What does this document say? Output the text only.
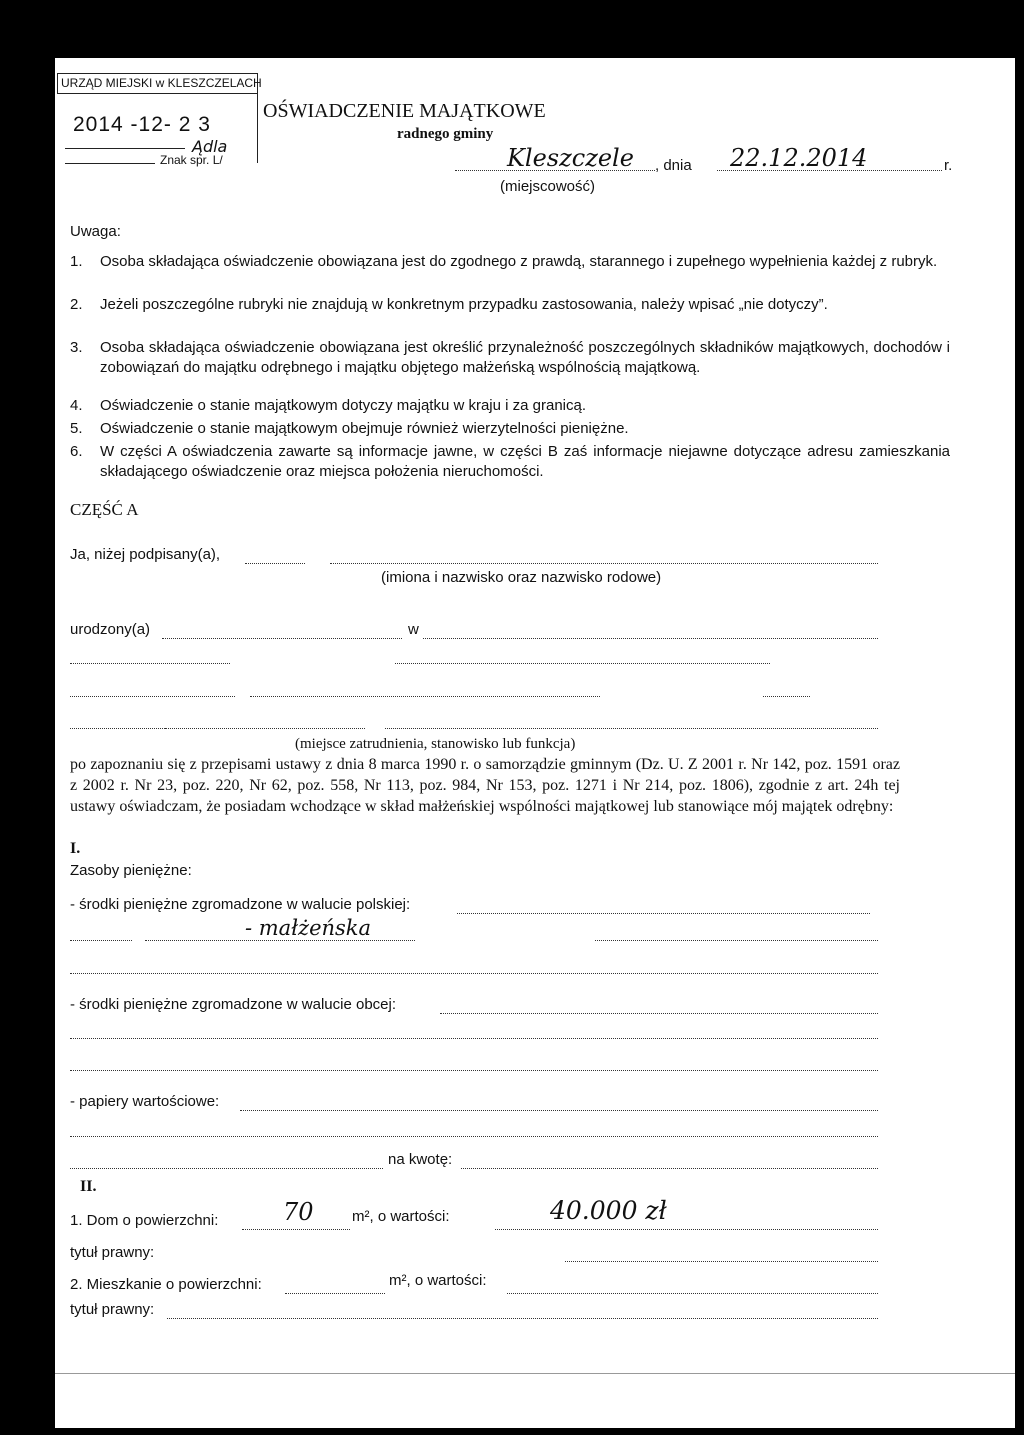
URZĄD MIEJSKI w KLESZCZELACH
2014 -12- 2 3
Ądla
Znak spr. L/
OŚWIADCZENIE MAJĄTKOWE
radnego gminy
Kleszczele , dnia 22.12.2014	r.
(miejscowość)
Uwaga:
1. Osoba składająca oświadczenie obowiązana jest do zgodnego z prawdą, starannego i zupełnego wypełnienia każdej z rubryk.
2. Jeżeli poszczególne rubryki nie znajdują w konkretnym przypadku zastosowania, należy wpisać „nie dotyczy”.
3. Osoba składająca oświadczenie obowiązana jest określić przynależność poszczególnych składników majątkowych, dochodów i zobowiązań do majątku odrębnego i majątku objętego małżeńską wspólnością majątkową.
4. Oświadczenie o stanie majątkowym dotyczy majątku w kraju i za granicą.
5. Oświadczenie o stanie majątkowym obejmuje również wierzytelności pieniężne.
6. W części A oświadczenia zawarte są informacje jawne, w części B zaś informacje niejawne dotyczące adresu zamieszkania składającego oświadczenie oraz miejsca położenia nieruchomości.
CZĘŚĆ A
Ja, niżej podpisany(a),
(imiona i nazwisko oraz nazwisko rodowe)
urodzony(a)	w
(miejsce zatrudnienia, stanowisko lub funkcja)
po zapoznaniu się z przepisami ustawy z dnia 8 marca 1990 r. o samorządzie gminnym (Dz. U. Z 2001 r. Nr 142, poz. 1591 oraz z 2002 r. Nr 23, poz. 220, Nr 62, poz. 558, Nr 113, poz. 984, Nr 153, poz. 1271 i Nr 214, poz. 1806), zgodnie z art. 24h tej ustawy oświadczam, że posiadam wchodzące w skład małżeńskiej wspólności majątkowej lub stanowiące mój majątek odrębny:
I.
Zasoby pieniężne:
- środki pieniężne zgromadzone w walucie polskiej:
- małżeńska
- środki pieniężne zgromadzone w walucie obcej:
- papiery wartościowe:
na kwotę:
II.
1. Dom o powierzchni:	70	m², o wartości:	40.000 zł
tytuł prawny:
2. Mieszkanie o powierzchni:	m², o wartości:
tytuł prawny:
